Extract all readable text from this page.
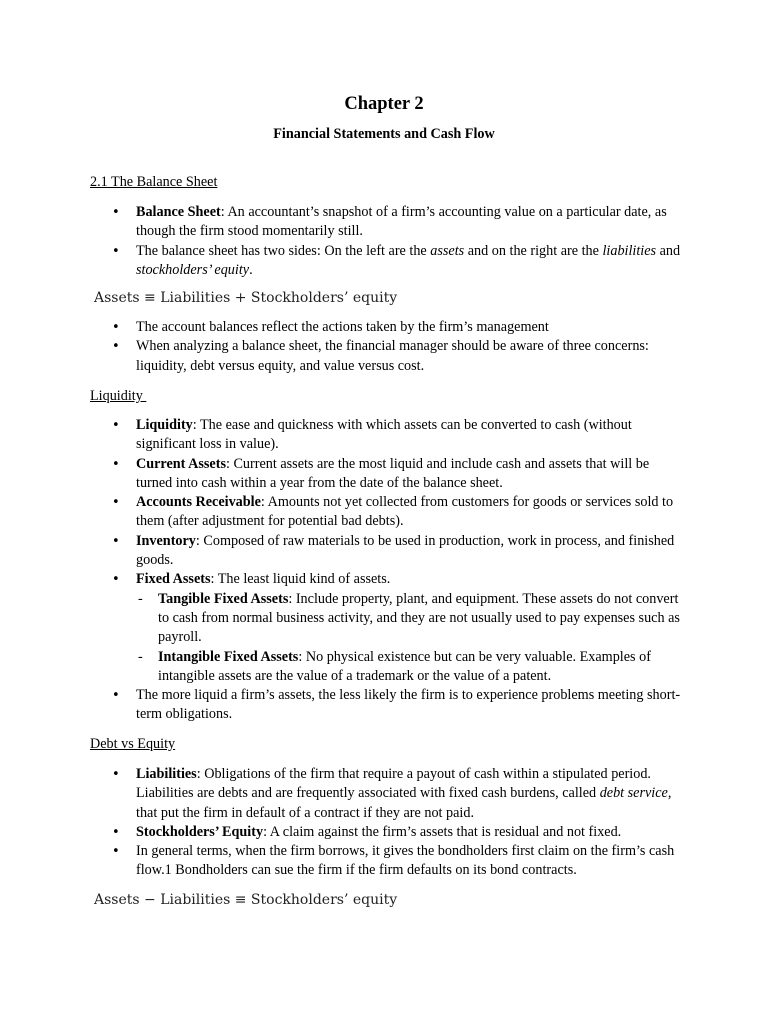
Chapter 2
Financial Statements and Cash Flow
2.1 The Balance Sheet
• Balance Sheet: An accountant’s snapshot of a firm’s accounting value on a particular date, as though the firm stood momentarily still.
• The balance sheet has two sides: On the left are the assets and on the right are the liabilities and stockholders’ equity.
Assets ≡ Liabilities + Stockholders’ equity
• The account balances reflect the actions taken by the firm’s management
• When analyzing a balance sheet, the financial manager should be aware of three concerns: liquidity, debt versus equity, and value versus cost.
Liquidity
• Liquidity: The ease and quickness with which assets can be converted to cash (without significant loss in value).
• Current Assets: Current assets are the most liquid and include cash and assets that will be turned into cash within a year from the date of the balance sheet.
• Accounts Receivable: Amounts not yet collected from customers for goods or services sold to them (after adjustment for potential bad debts).
• Inventory: Composed of raw materials to be used in production, work in process, and finished goods.
• Fixed Assets: The least liquid kind of assets.
- Tangible Fixed Assets: Include property, plant, and equipment. These assets do not convert to cash from normal business activity, and they are not usually used to pay expenses such as payroll.
- Intangible Fixed Assets: No physical existence but can be very valuable. Examples of intangible assets are the value of a trademark or the value of a patent.
• The more liquid a firm’s assets, the less likely the firm is to experience problems meeting short-term obligations.
Debt vs Equity
• Liabilities: Obligations of the firm that require a payout of cash within a stipulated period. Liabilities are debts and are frequently associated with fixed cash burdens, called debt service, that put the firm in default of a contract if they are not paid.
• Stockholders’ Equity: A claim against the firm’s assets that is residual and not fixed.
• In general terms, when the firm borrows, it gives the bondholders first claim on the firm’s cash flow.1 Bondholders can sue the firm if the firm defaults on its bond contracts.
Assets − Liabilities ≡ Stockholders’ equity
